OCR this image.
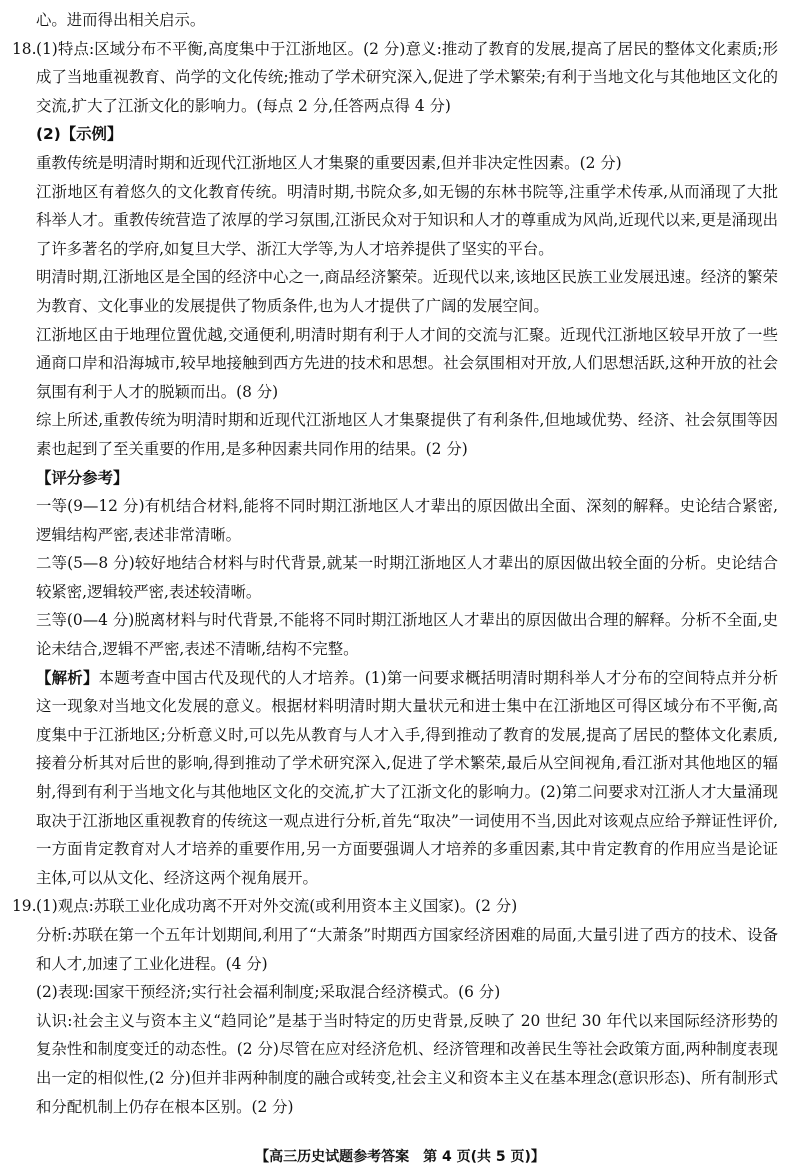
心。进而得出相关启示。

18. (1)特点:区域分布不平衡,高度集中于江浙地区。(2 分)意义:推动了教育的发展,提高了居民的整体文化素质;形成了当地重视教育、尚学的文化传统;推动了学术研究深入,促进了学术繁荣;有利于当地文化与其他地区文化的交流,扩大了江浙文化的影响力。(每点 2 分,任答两点得 4 分)

(2)【示例】

重教传统是明清时期和近现代江浙地区人才集聚的重要因素,但并非决定性因素。(2 分)

江浙地区有着悠久的文化教育传统。明清时期,书院众多,如无锡的东林书院等,注重学术传承,从而涌现了大批科举人才。重教传统营造了浓厚的学习氛围,江浙民众对于知识和人才的尊重成为风尚,近现代以来,更是涌现出了许多著名的学府,如复旦大学、浙江大学等,为人才培养提供了坚实的平台。

明清时期,江浙地区是全国的经济中心之一,商品经济繁荣。近现代以来,该地区民族工业发展迅速。经济的繁荣为教育、文化事业的发展提供了物质条件,也为人才提供了广阔的发展空间。

江浙地区由于地理位置优越,交通便利,明清时期有利于人才间的交流与汇聚。近现代江浙地区较早开放了一些通商口岸和沿海城市,较早地接触到西方先进的技术和思想。社会氛围相对开放,人们思想活跃,这种开放的社会氛围有利于人才的脱颖而出。(8 分)

综上所述,重教传统为明清时期和近现代江浙地区人才集聚提供了有利条件,但地域优势、经济、社会氛围等因素也起到了至关重要的作用,是多种因素共同作用的结果。(2 分)

【评分参考】

一等(9—12 分)有机结合材料,能将不同时期江浙地区人才辈出的原因做出全面、深刻的解释。史论结合紧密,逻辑结构严密,表述非常清晰。

二等(5—8 分)较好地结合材料与时代背景,就某一时期江浙地区人才辈出的原因做出较全面的分析。史论结合较紧密,逻辑较严密,表述较清晰。

三等(0—4 分)脱离材料与时代背景,不能将不同时期江浙地区人才辈出的原因做出合理的解释。分析不全面,史论未结合,逻辑不严密,表述不清晰,结构不完整。

【解析】本题考查中国古代及现代的人才培养。(1)第一问要求概括明清时期科举人才分布的空间特点并分析这一现象对当地文化发展的意义。根据材料明清时期大量状元和进士集中在江浙地区可得区域分布不平衡,高度集中于江浙地区;分析意义时,可以先从教育与人才入手,得到推动了教育的发展,提高了居民的整体文化素质,接着分析其对后世的影响,得到推动了学术研究深入,促进了学术繁荣,最后从空间视角,看江浙对其他地区的辐射,得到有利于当地文化与其他地区文化的交流,扩大了江浙文化的影响力。(2)第二问要求对江浙人才大量涌现取决于江浙地区重视教育的传统这一观点进行分析,首先“取决”一词使用不当,因此对该观点应给予辩证性评价,一方面肯定教育对人才培养的重要作用,另一方面要强调人才培养的多重因素,其中肯定教育的作用应当是论证主体,可以从文化、经济这两个视角展开。

19. (1)观点:苏联工业化成功离不开对外交流(或利用资本主义国家)。(2 分)

分析:苏联在第一个五年计划期间,利用了“大萧条”时期西方国家经济困难的局面,大量引进了西方的技术、设备和人才,加速了工业化进程。(4 分)

(2)表现:国家干预经济;实行社会福利制度;采取混合经济模式。(6 分)

认识:社会主义与资本主义“趋同论”是基于当时特定的历史背景,反映了 20 世纪 30 年代以来国际经济形势的复杂性和制度变迁的动态性。(2 分)尽管在应对经济危机、经济管理和改善民生等社会政策方面,两种制度表现出一定的相似性,(2 分)但并非两种制度的融合或转变,社会主义和资本主义在基本理念(意识形态)、所有制形式和分配机制上仍存在根本区别。(2 分)

【高三历史试题参考答案　第 4 页(共 5 页)】
